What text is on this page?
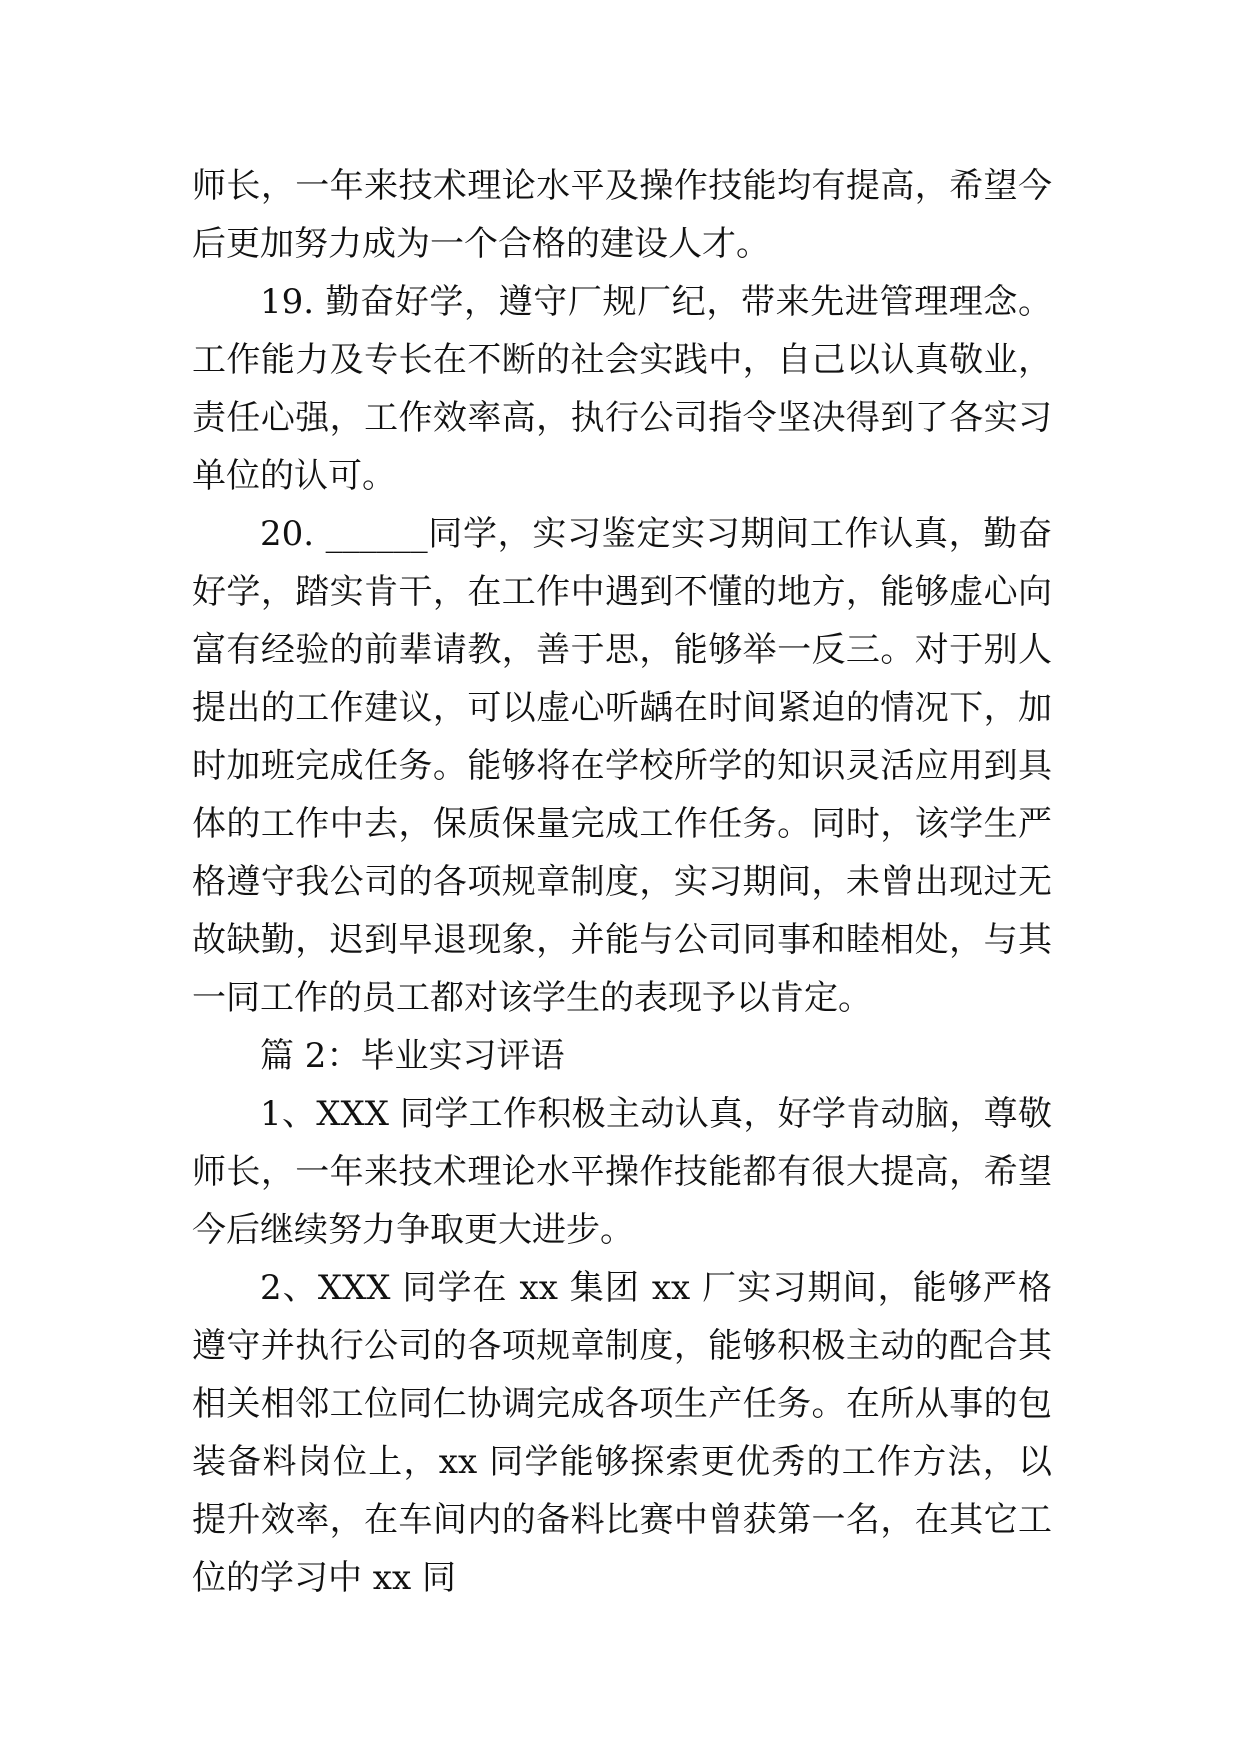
师长，一年来技术理论水平及操作技能均有提高，希望今后更加努力成为一个合格的建设人才。

19. 勤奋好学，遵守厂规厂纪，带来先进管理理念。工作能力及专长在不断的社会实践中，自己以认真敬业，责任心强，工作效率高，执行公司指令坚决得到了各实习单位的认可。

20. ______同学，实习鉴定实习期间工作认真，勤奋好学，踏实肯干，在工作中遇到不懂的地方，能够虚心向富有经验的前辈请教，善于思，能够举一反三。对于别人提出的工作建议，可以虚心听龋在时间紧迫的情况下，加时加班完成任务。能够将在学校所学的知识灵活应用到具体的工作中去，保质保量完成工作任务。同时，该学生严格遵守我公司的各项规章制度，实习期间，未曾出现过无故缺勤，迟到早退现象，并能与公司同事和睦相处，与其一同工作的员工都对该学生的表现予以肯定。

篇 2：毕业实习评语

1、XXX 同学工作积极主动认真，好学肯动脑，尊敬师长，一年来技术理论水平操作技能都有很大提高，希望今后继续努力争取更大进步。

2、XXX 同学在 xx 集团 xx 厂实习期间，能够严格遵守并执行公司的各项规章制度，能够积极主动的配合其相关相邻工位同仁协调完成各项生产任务。在所从事的包装备料岗位上，xx 同学能够探索更优秀的工作方法，以提升效率，在车间内的备料比赛中曾获第一名，在其它工位的学习中 xx 同
